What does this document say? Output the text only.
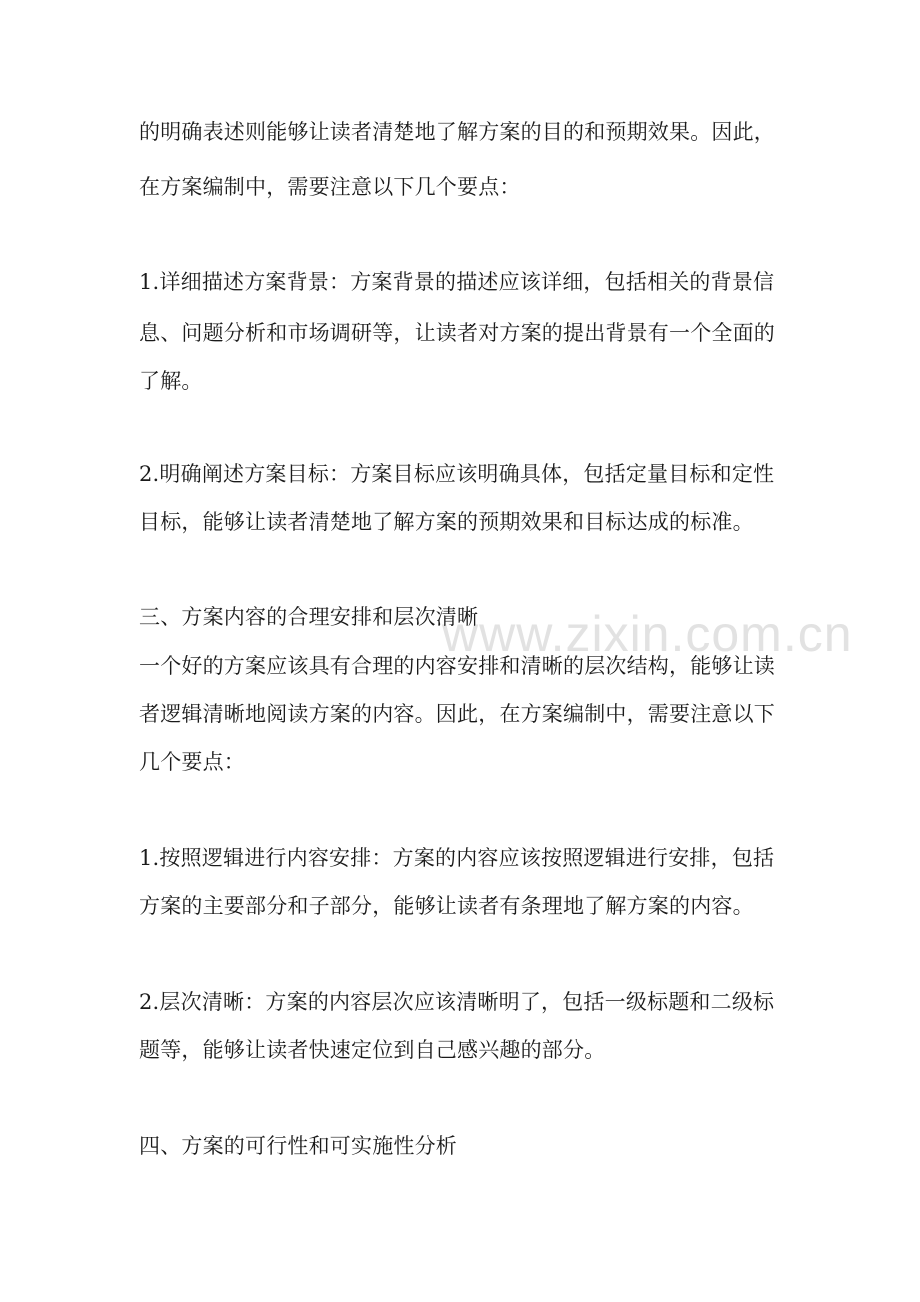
www.zixin.com.cn
的明确表述则能够让读者清楚地了解方案的目的和预期效果。因此，
在方案编制中，需要注意以下几个要点：
1.详细描述方案背景：方案背景的描述应该详细，包括相关的背景信
息、问题分析和市场调研等，让读者对方案的提出背景有一个全面的
了解。
2.明确阐述方案目标：方案目标应该明确具体，包括定量目标和定性
目标，能够让读者清楚地了解方案的预期效果和目标达成的标准。
三、方案内容的合理安排和层次清晰
一个好的方案应该具有合理的内容安排和清晰的层次结构，能够让读
者逻辑清晰地阅读方案的内容。因此，在方案编制中，需要注意以下
几个要点：
1.按照逻辑进行内容安排：方案的内容应该按照逻辑进行安排，包括
方案的主要部分和子部分，能够让读者有条理地了解方案的内容。
2.层次清晰：方案的内容层次应该清晰明了，包括一级标题和二级标
题等，能够让读者快速定位到自己感兴趣的部分。
四、方案的可行性和可实施性分析
